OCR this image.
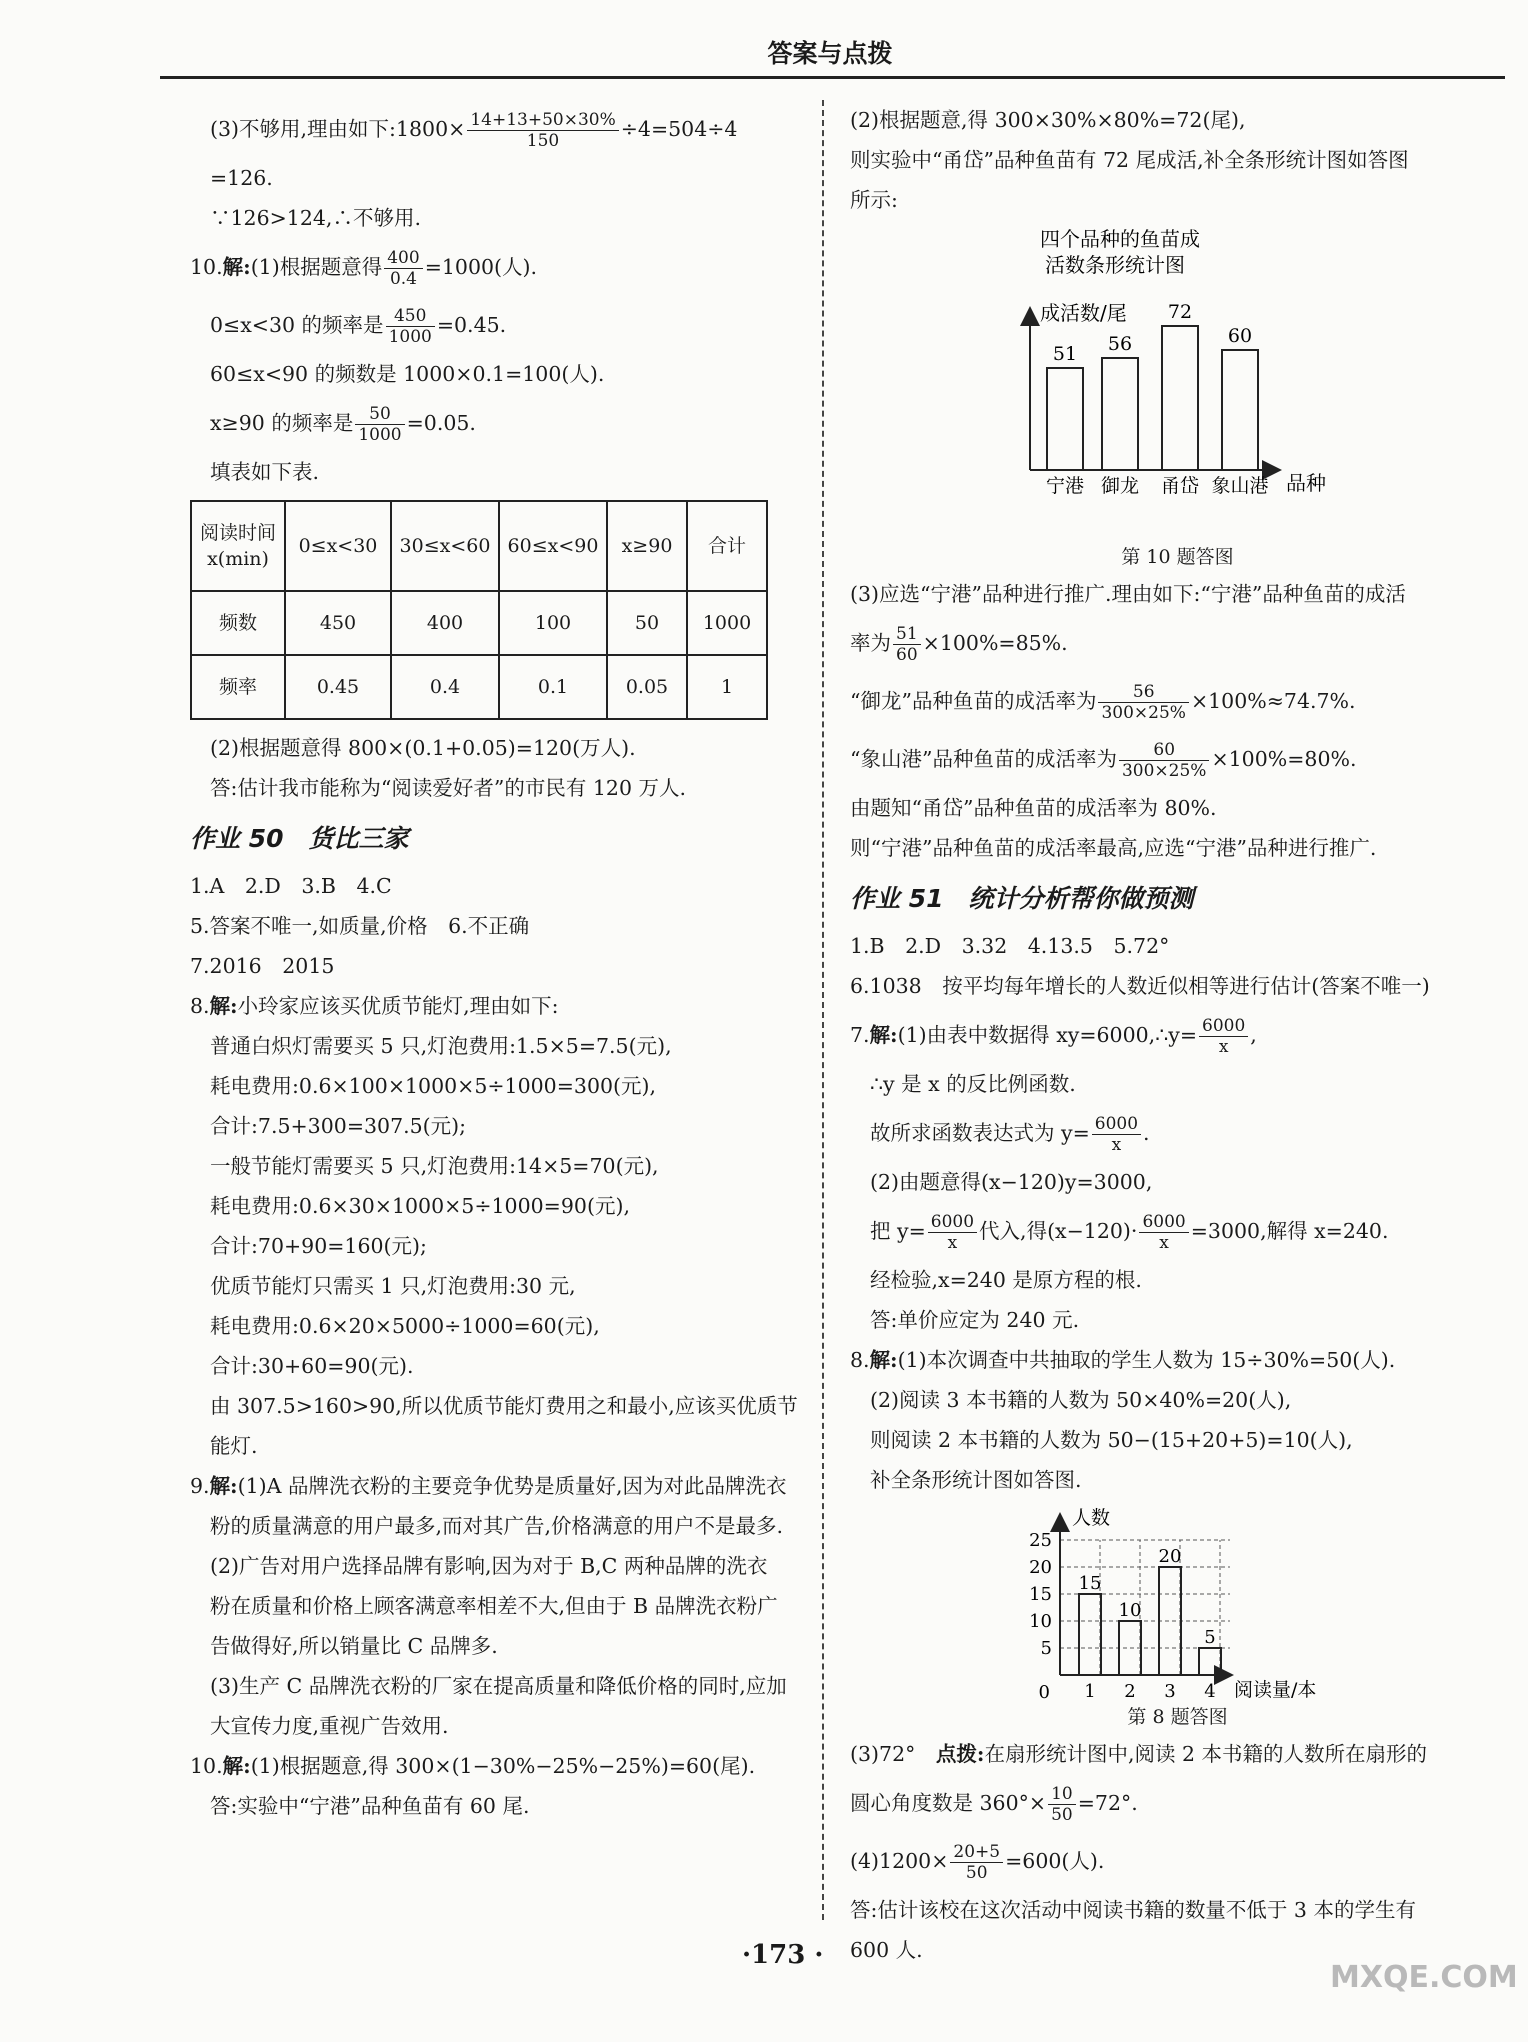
答案与点拨
(3)不够用,理由如下:1800× $\frac{14+13+50\times 30\%}{150} \div 4=504\div 4$
=126.
∵126>124,∴不够用.
10.解:(1)根据题意得 $\frac{400}{0.4} =1000$(人).
0≤x<30 的频率是 $\frac{450}{1000} =0.45$.
60≤x<90 的频数是 1000×0.1=100(人).
x≥90 的频率是 $\frac{50}{1000} =0.05$.
填表如下表.
阅读时间
x(min)	0≤x<30	30≤x<60	60≤x<90	x≥90	合计
频数	450	400	100	50	1000
频率	0.45	0.4	0.1	0.05	1
(2)根据题意得 800×(0.1+0.05)=120(万人).
答:估计我市能称为“阅读爱好者”的市民有 120 万人.
作业 50　货比三家
1.A　2.D　3.B　4.C
5.答案不唯一,如质量,价格　6.不正确
7.2016　2015
8.解:小玲家应该买优质节能灯,理由如下:
普通白炽灯需要买 5 只,灯泡费用:1.5×5=7.5(元),
耗电费用:0.6×100×1000×5÷1000=300(元),
合计:7.5+300=307.5(元);
一般节能灯需要买 5 只,灯泡费用:14×5=70(元),
耗电费用:0.6×30×1000×5÷1000=90(元),
合计:70+90=160(元);
优质节能灯只需买 1 只,灯泡费用:30 元,
耗电费用:0.6×20×5000÷1000=60(元),
合计:30+60=90(元).
由 307.5>160>90,所以优质节能灯费用之和最小,应该买优质节
能灯.
9.解:(1)A 品牌洗衣粉的主要竞争优势是质量好,因为对此品牌洗衣
粉的质量满意的用户最多,而对其广告,价格满意的用户不是最多.
(2)广告对用户选择品牌有影响,因为对于 B,C 两种品牌的洗衣
粉在质量和价格上顾客满意率相差不大,但由于 B 品牌洗衣粉广
告做得好,所以销量比 C 品牌多.
(3)生产 C 品牌洗衣粉的厂家在提高质量和降低价格的同时,应加
大宣传力度,重视广告效用.
10.解:(1)根据题意,得 300×(1−30%−25%−25%)=60(尾).
答:实验中“宁港”品种鱼苗有 60 尾.
(2)根据题意,得 300×30%×80%=72(尾),
则实验中“甬岱”品种鱼苗有 72 尾成活,补全条形统计图如答图
所示:
四个品种的鱼苗成
活数条形统计图
成活数/尾
品种
51
宁港
56
御龙
72
甬岱
60
象山港
第 10 题答图
(3)应选“宁港”品种进行推广.理由如下:“宁港”品种鱼苗的成活
率为 $\frac{51}{60} \times 100\%=85\%$.
“御龙”品种鱼苗的成活率为 $\frac{56}{300\times 25\%} \times 100\%\approx 74.7\%$.
“象山港”品种鱼苗的成活率为 $\frac{60}{300\times 25\%} \times 100\%=80\%$.
由题知“甬岱”品种鱼苗的成活率为 80%.
则“宁港”品种鱼苗的成活率最高,应选“宁港”品种进行推广.
作业 51　统计分析帮你做预测
1.B　2.D　3.32　4.13.5　5.72°
6.1038　按平均每年增长的人数近似相等进行估计(答案不唯一)
7.解:(1)由表中数据得 xy=6000,∴y= $\frac{6000}{x}$ ,
∴y 是 x 的反比例函数.
故所求函数表达式为 $y= \frac{6000}{x}$ .
(2)由题意得(x−120)y=3000,
把 $y= \frac{6000}{x}$ 代入,得$(x-120)\cdot \frac{6000}{x} =3000$,解得 x=240.
经检验,x=240 是原方程的根.
答:单价应定为 240 元.
8.解:(1)本次调查中共抽取的学生人数为 15÷30%=50(人).
(2)阅读 3 本书籍的人数为 50×40%=20(人),
则阅读 2 本书籍的人数为 50−(15+20+5)=10(人),
补全条形统计图如答图.
5
10
15
20
25
人数
阅读量/本
0
15
1
10
2
20
3
5
4
第 8 题答图
(3)72°　点拨:在扇形统计图中,阅读 2 本书籍的人数所在扇形的
圆心角度数是 $360^\circ\times \frac{10}{50} =72^\circ$.
$(4)1200\times \frac{20+5}{50} =600$(人).
答:估计该校在这次活动中阅读书籍的数量不低于 3 本的学生有
600 人.
·173 ·
MXQE.COM
